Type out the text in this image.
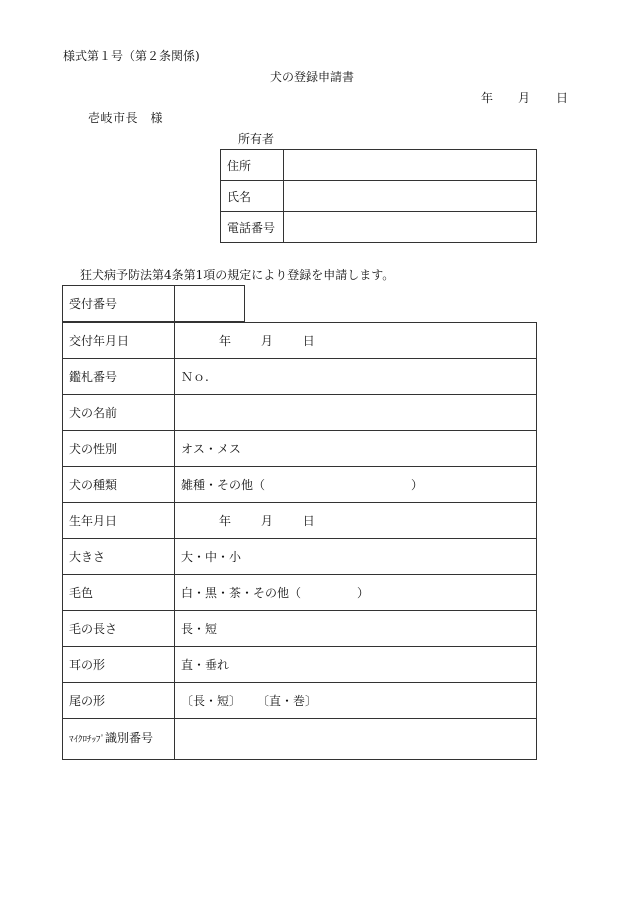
様式第１号（第２条関係)
犬の登録申請書
年 月 日
壱岐市長　様
所有者
住所	
氏名	
電話番号	
狂犬病予防法第4条第1項の規定により登録を申請します。
受付番号	
交付年月日	年 月 日
鑑札番号	Ｎｏ.
犬の名前	
犬の性別	オス・メス
犬の種類	雑種・その他（ ）
生年月日	年 月 日
大きさ	大・中・小
毛色	白・黒・茶・その他（ ）
毛の長さ	長・短
耳の形	直・垂れ
尾の形	〔長・短〕 〔直・巻〕
ﾏｲｸﾛﾁｯﾌﾟ識別番号	
